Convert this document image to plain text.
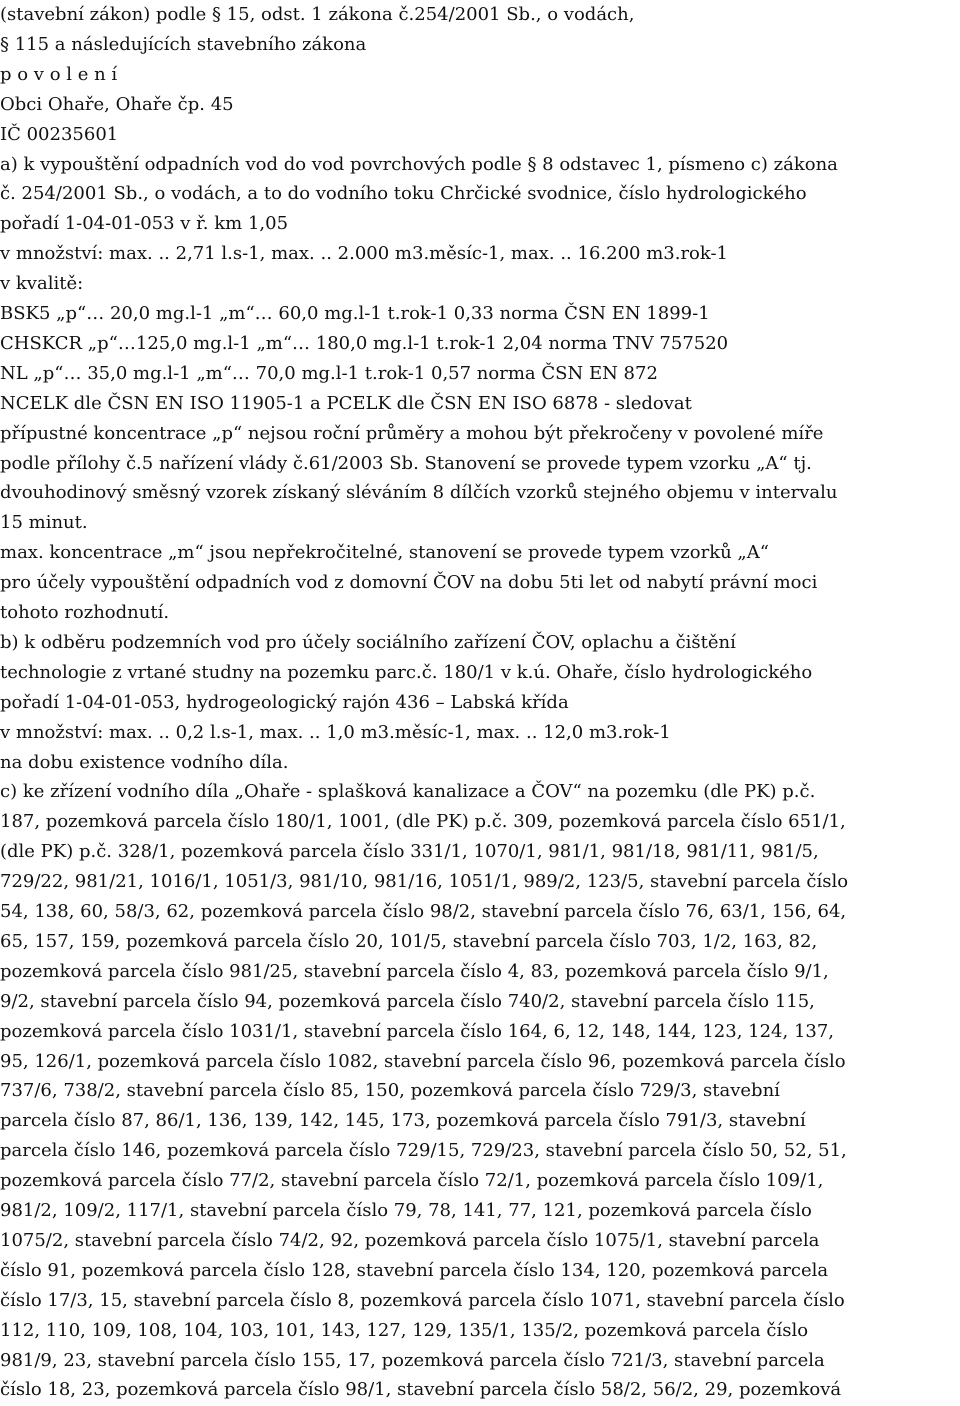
(stavební zákon) podle § 15, odst. 1 zákona č.254/2001 Sb., o vodách,
§ 115 a následujících stavebního zákona
p o v o l e n í
Obci Ohaře, Ohaře čp. 45
IČ 00235601
a) k vypouštění odpadních vod do vod povrchových podle § 8 odstavec 1, písmeno c) zákona
č. 254/2001 Sb., o vodách, a to do vodního toku Chrčické svodnice, číslo hydrologického
pořadí 1-04-01-053 v ř. km 1,05
v množství: max. .. 2,71 l.s-1, max. .. 2.000 m3.měsíc-1, max. .. 16.200 m3.rok-1
v kvalitě:
BSK5 „p“… 20,0 mg.l-1 „m“… 60,0 mg.l-1 t.rok-1 0,33 norma ČSN EN 1899-1
CHSKCR „p“…125,0 mg.l-1 „m“… 180,0 mg.l-1 t.rok-1 2,04 norma TNV 757520
NL „p“… 35,0 mg.l-1 „m“… 70,0 mg.l-1 t.rok-1 0,57 norma ČSN EN 872
NCELK dle ČSN EN ISO 11905-1 a PCELK dle ČSN EN ISO 6878 - sledovat
přípustné koncentrace „p“ nejsou roční průměry a mohou být překročeny v povolené míře
podle přílohy č.5 nařízení vlády č.61/2003 Sb. Stanovení se provede typem vzorku „A“ tj.
dvouhodinový směsný vzorek získaný sléváním 8 dílčích vzorků stejného objemu v intervalu
15 minut.
max. koncentrace „m“ jsou nepřekročitelné, stanovení se provede typem vzorků „A“
pro účely vypouštění odpadních vod z domovní ČOV na dobu 5ti let od nabytí právní moci
tohoto rozhodnutí.
b) k odběru podzemních vod pro účely sociálního zařízení ČOV, oplachu a čištění
technologie z vrtané studny na pozemku parc.č. 180/1 v k.ú. Ohaře, číslo hydrologického
pořadí 1-04-01-053, hydrogeologický rajón 436 – Labská křída
v množství: max. .. 0,2 l.s-1, max. .. 1,0 m3.měsíc-1, max. .. 12,0 m3.rok-1
na dobu existence vodního díla.
c) ke zřízení vodního díla „Ohaře - splašková kanalizace a ČOV“ na pozemku (dle PK) p.č.
187, pozemková parcela číslo 180/1, 1001, (dle PK) p.č. 309, pozemková parcela číslo 651/1,
(dle PK) p.č. 328/1, pozemková parcela číslo 331/1, 1070/1, 981/1, 981/18, 981/11, 981/5,
729/22, 981/21, 1016/1, 1051/3, 981/10, 981/16, 1051/1, 989/2, 123/5, stavební parcela číslo
54, 138, 60, 58/3, 62, pozemková parcela číslo 98/2, stavební parcela číslo 76, 63/1, 156, 64,
65, 157, 159, pozemková parcela číslo 20, 101/5, stavební parcela číslo 703, 1/2, 163, 82,
pozemková parcela číslo 981/25, stavební parcela číslo 4, 83, pozemková parcela číslo 9/1,
9/2, stavební parcela číslo 94, pozemková parcela číslo 740/2, stavební parcela číslo 115,
pozemková parcela číslo 1031/1, stavební parcela číslo 164, 6, 12, 148, 144, 123, 124, 137,
95, 126/1, pozemková parcela číslo 1082, stavební parcela číslo 96, pozemková parcela číslo
737/6, 738/2, stavební parcela číslo 85, 150, pozemková parcela číslo 729/3, stavební
parcela číslo 87, 86/1, 136, 139, 142, 145, 173, pozemková parcela číslo 791/3, stavební
parcela číslo 146, pozemková parcela číslo 729/15, 729/23, stavební parcela číslo 50, 52, 51,
pozemková parcela číslo 77/2, stavební parcela číslo 72/1, pozemková parcela číslo 109/1,
981/2, 109/2, 117/1, stavební parcela číslo 79, 78, 141, 77, 121, pozemková parcela číslo
1075/2, stavební parcela číslo 74/2, 92, pozemková parcela číslo 1075/1, stavební parcela
číslo 91, pozemková parcela číslo 128, stavební parcela číslo 134, 120, pozemková parcela
číslo 17/3, 15, stavební parcela číslo 8, pozemková parcela číslo 1071, stavební parcela číslo
112, 110, 109, 108, 104, 103, 101, 143, 127, 129, 135/1, 135/2, pozemková parcela číslo
981/9, 23, stavební parcela číslo 155, 17, pozemková parcela číslo 721/3, stavební parcela
číslo 18, 23, pozemková parcela číslo 98/1, stavební parcela číslo 58/2, 56/2, 29, pozemková
